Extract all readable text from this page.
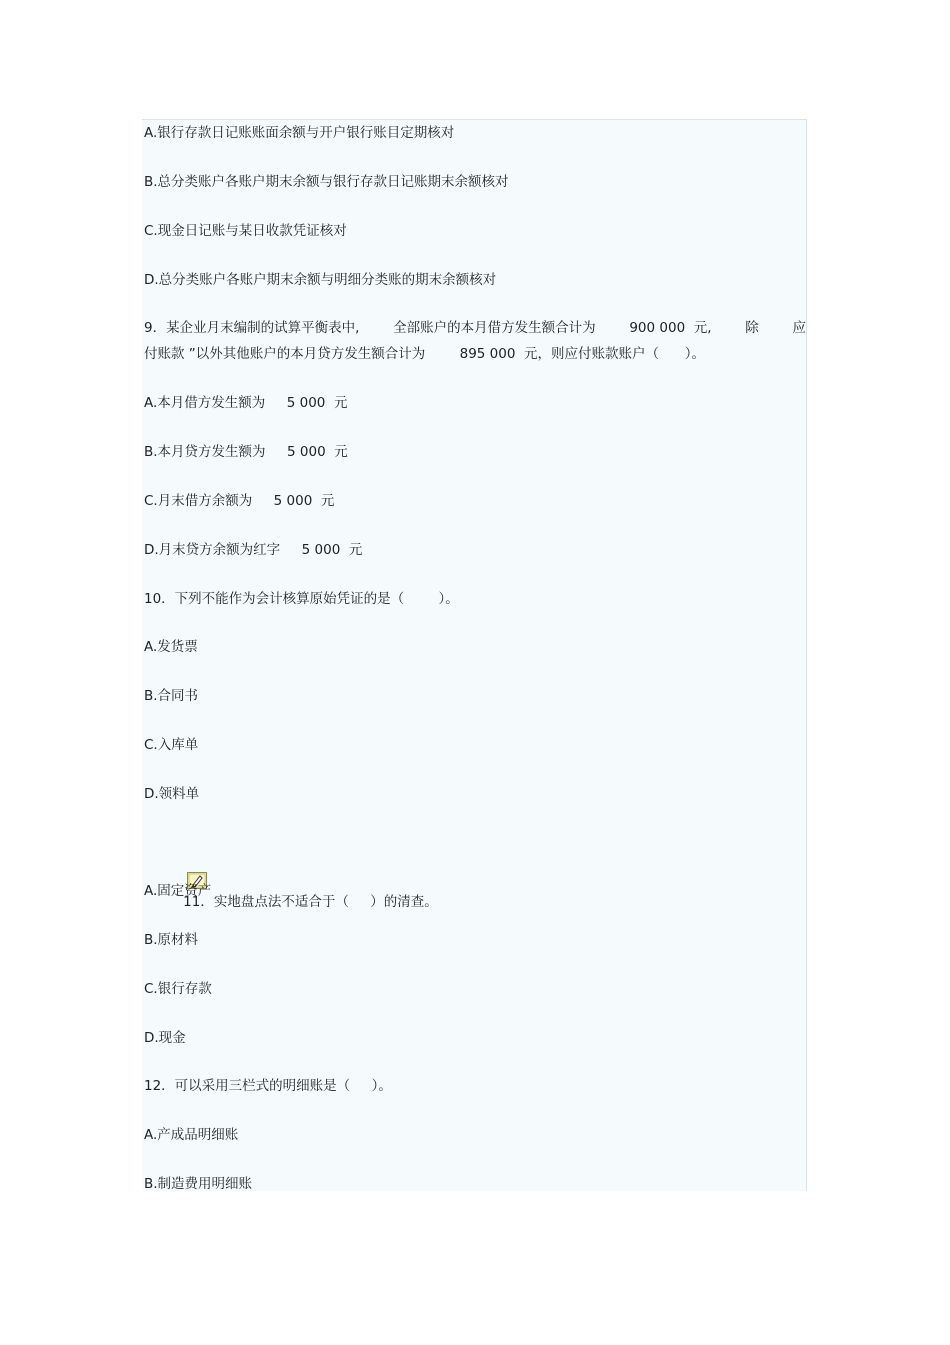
A.银行存款日记账账面余额与开户银行账目定期核对
B.总分类账户各账户期末余额与银行存款日记账期末余额核对
C.现金日记账与某日收款凭证核对
D.总分类账户各账户期末余额与明细分类账的期末余额核对
9．某企业月末编制的试算平衡表中, 全部账户的本月借方发生额合计为 900 000  元, 除 应
付账款 ”以外其他账户的本月贷方发生额合计为        895 000  元，则应付账款账户（      ）。
A.本月借方发生额为     5 000  元
B.本月贷方发生额为     5 000  元
C.月末借方余额为     5 000  元
D.月末贷方余额为红字     5 000  元
10．下列不能作为会计核算原始凭证的是（        ）。
A.发货票
B.合同书
C.入库单
D.领料单

11．实地盘点法不适合于（     ）的清查。

A.固定资产
B.原材料
C.银行存款
D.现金
12．可以采用三栏式的明细账是（     ）。
A.产成品明细账
B.制造费用明细账
